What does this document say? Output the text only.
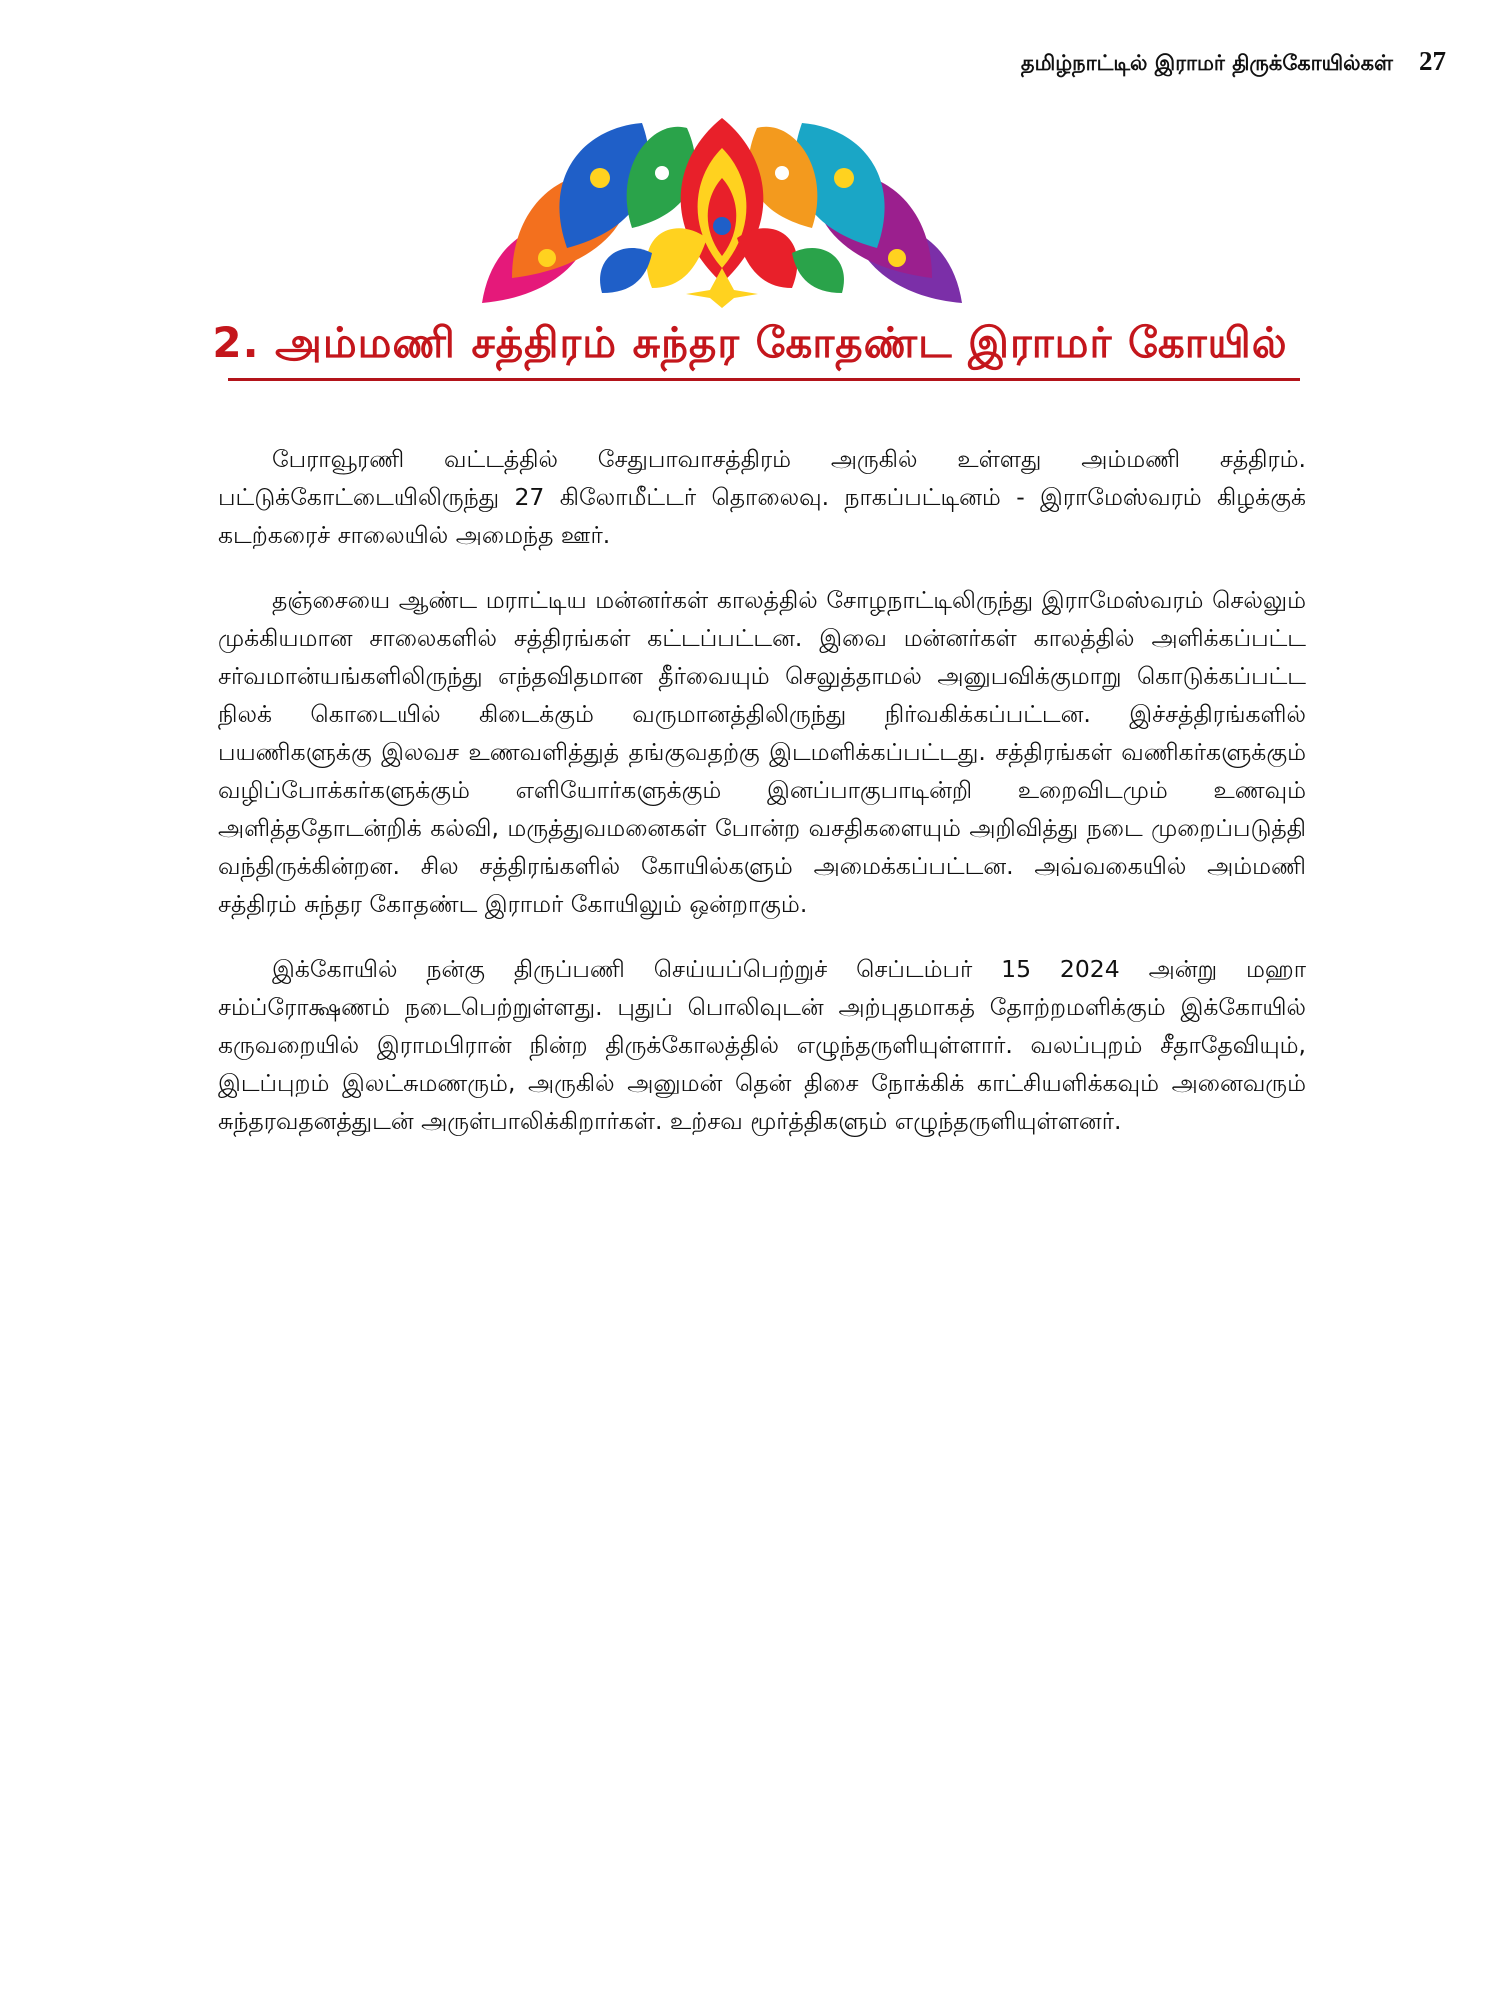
தமிழ்நாட்டில் இராமர் திருக்கோயில்கள் 27
2. அம்மணி சத்திரம் சுந்தர கோதண்ட இராமர் கோயில்

பேராவூரணி வட்டத்தில் சேதுபாவாசத்திரம் அருகில் உள்ளது அம்மணி சத்திரம். பட்டுக்கோட்டையிலிருந்து 27 கிலோமீட்டர் தொலைவு. நாகப்பட்டினம் - இராமேஸ்வரம் கிழக்குக் கடற்கரைச் சாலையில் அமைந்த ஊர்.

தஞ்சையை ஆண்ட மராட்டிய மன்னர்கள் காலத்தில் சோழநாட்டிலிருந்து இராமேஸ்வரம் செல்லும் முக்கியமான சாலைகளில் சத்திரங்கள் கட்டப்பட்டன. இவை மன்னர்கள் காலத்தில் அளிக்கப்பட்ட சர்வமான்யங்களிலிருந்து எந்தவிதமான தீர்வையும் செலுத்தாமல் அனுபவிக்குமாறு கொடுக்கப்பட்ட நிலக் கொடையில் கிடைக்கும் வருமானத்திலிருந்து நிர்வகிக்கப்பட்டன. இச்சத்திரங்களில் பயணிகளுக்கு இலவச உணவளித்துத் தங்குவதற்கு இடமளிக்கப்பட்டது. சத்திரங்கள் வணிகர்களுக்கும் வழிப்போக்கர்களுக்கும் எளியோர்களுக்கும் இனப்பாகுபாடின்றி உறைவிடமும் உணவும் அளித்ததோடன்றிக் கல்வி, மருத்துவமனைகள் போன்ற வசதிகளையும் அறிவித்து நடை முறைப்படுத்தி வந்திருக்கின்றன. சில சத்திரங்களில் கோயில்களும் அமைக்கப்பட்டன. அவ்வகையில் அம்மணி சத்திரம் சுந்தர கோதண்ட இராமர் கோயிலும் ஒன்றாகும்.

இக்கோயில் நன்கு திருப்பணி செய்யப்பெற்றுச் செப்டம்பர் 15 2024 அன்று மஹா சம்ப்ரோக்ஷணம் நடைபெற்றுள்ளது. புதுப் பொலிவுடன் அற்புதமாகத் தோற்றமளிக்கும் இக்கோயில் கருவறையில் இராமபிரான் நின்ற திருக்கோலத்தில் எழுந்தருளியுள்ளார். வலப்புறம் சீதாதேவியும், இடப்புறம் இலட்சுமணரும், அருகில் அனுமன் தென் திசை நோக்கிக் காட்சியளிக்கவும் அனைவரும் சுந்தரவதனத்துடன் அருள்பாலிக்கிறார்கள். உற்சவ மூர்த்திகளும் எழுந்தருளியுள்ளனர்.
